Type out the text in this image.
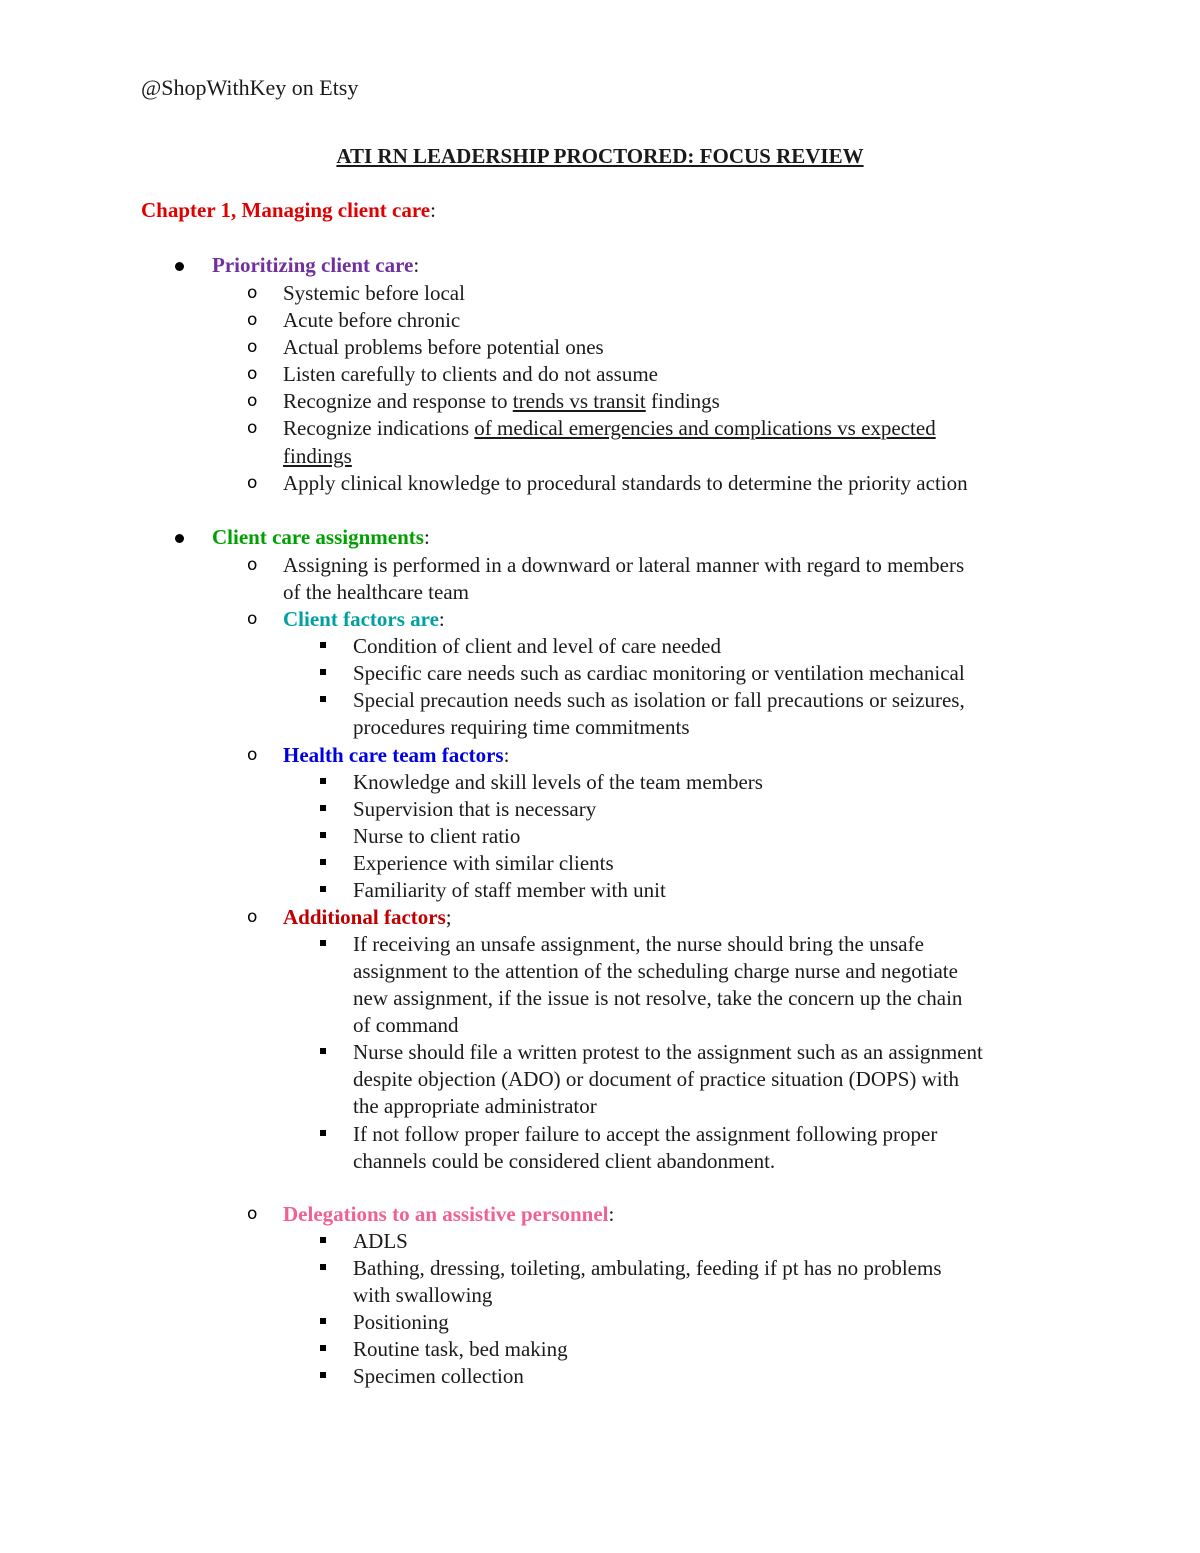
@ShopWithKey on Etsy
ATI RN LEADERSHIP PROCTORED: FOCUS REVIEW
Chapter 1, Managing client care:
Prioritizing client care:
o Systemic before local
o Acute before chronic
o Actual problems before potential ones
o Listen carefully to clients and do not assume
o Recognize and response to trends vs transit findings
o Recognize indications of medical emergencies and complications vs expected
findings
o Apply clinical knowledge to procedural standards to determine the priority action
Client care assignments:
o Assigning is performed in a downward or lateral manner with regard to members
of the healthcare team
o Client factors are:
Condition of client and level of care needed
Specific care needs such as cardiac monitoring or ventilation mechanical
Special precaution needs such as isolation or fall precautions or seizures,
procedures requiring time commitments
o Health care team factors:
Knowledge and skill levels of the team members
Supervision that is necessary
Nurse to client ratio
Experience with similar clients
Familiarity of staff member with unit
o Additional factors;
If receiving an unsafe assignment, the nurse should bring the unsafe
assignment to the attention of the scheduling charge nurse and negotiate
new assignment, if the issue is not resolve, take the concern up the chain
of command
Nurse should file a written protest to the assignment such as an assignment
despite objection (ADO) or document of practice situation (DOPS) with
the appropriate administrator
If not follow proper failure to accept the assignment following proper
channels could be considered client abandonment.
o Delegations to an assistive personnel:
ADLS
Bathing, dressing, toileting, ambulating, feeding if pt has no problems
with swallowing
Positioning
Routine task, bed making
Specimen collection
